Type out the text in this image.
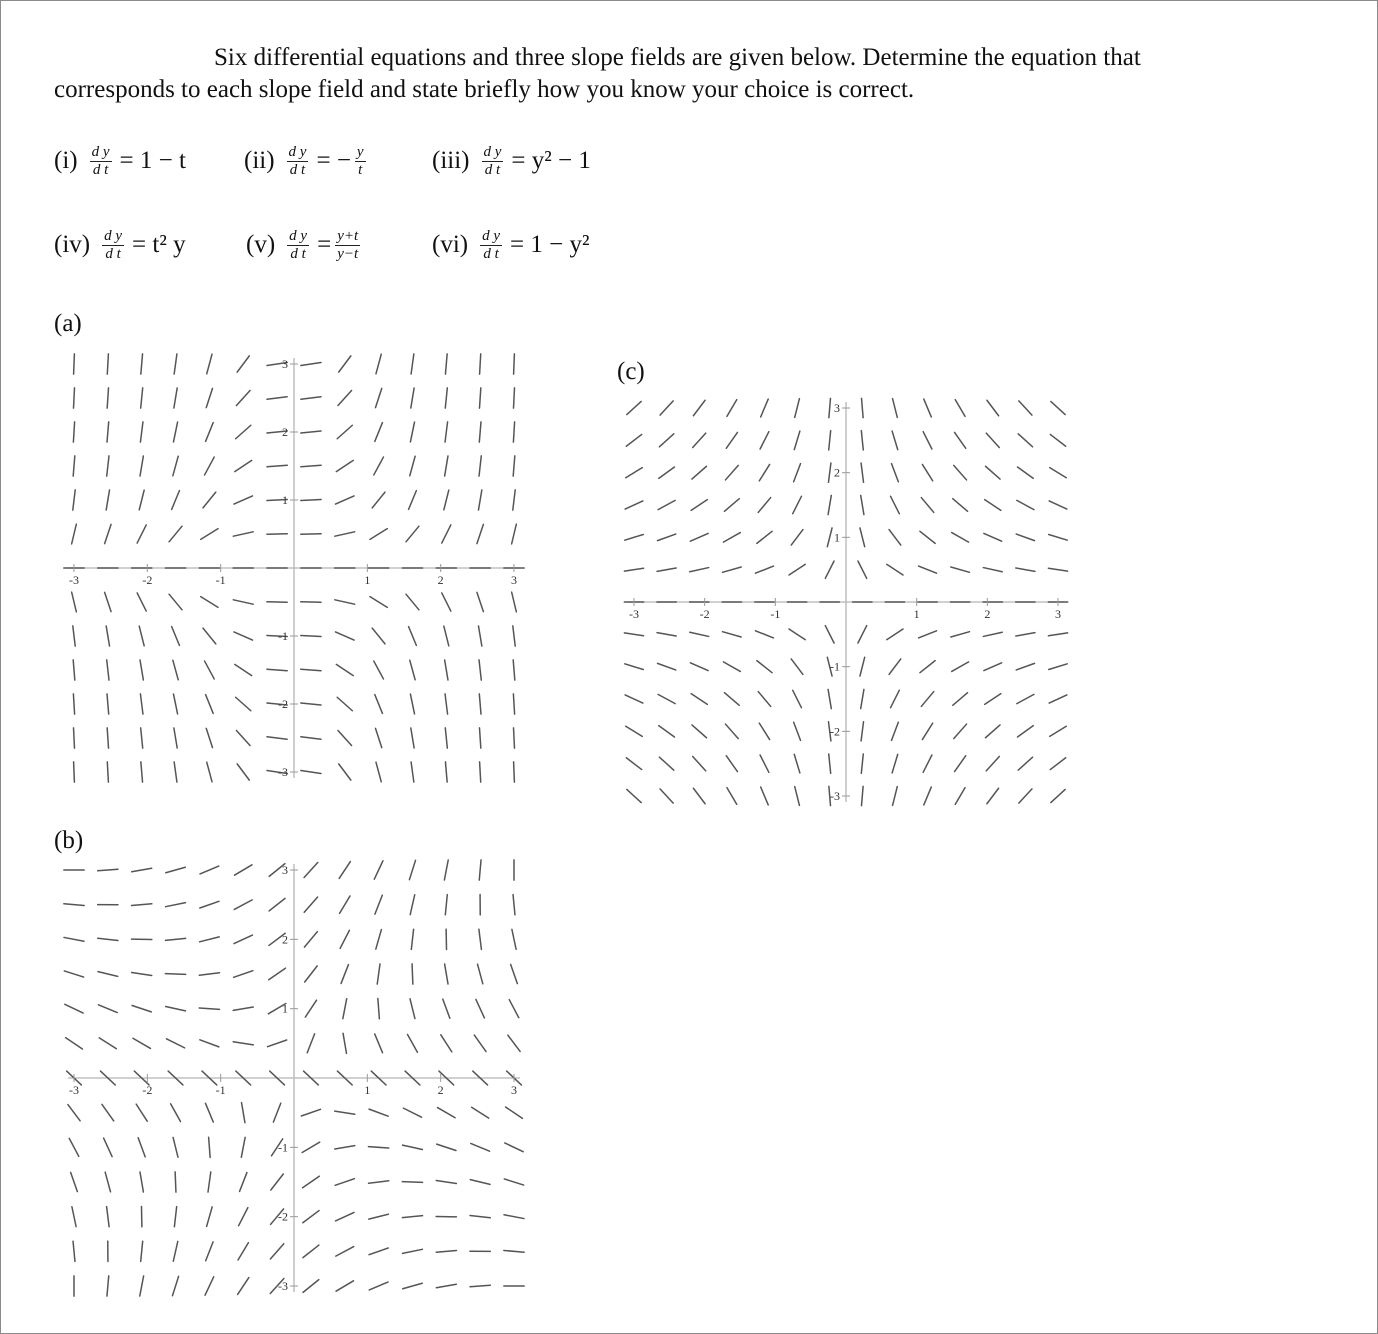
Six differential equations and three slope fields are given below. Determine the equation that
corresponds to each slope field and state briefly how you know your choice is correct.

$(i) \frac{\text{d y}}{\text{d t}} = 1 - t$ $(ii) \frac{\text{d y}}{\text{d t}}$ = − $\frac{y}{t}$	$(iii) \frac{\text{d y}}{\text{d t}} = y^2 - 1$
$(iv) \frac{\text{d y}}{\text{d t}} = t^2$ y $(v) \frac{\text{d y}}{\text{d t}} = \frac{y+t}{y-t}$	$(vi) \frac{\text{d y}}{\text{d t}} = 1 - y^2$
(a)
(c)
(b)
-3	-2	-1	1	2	3
3
2
1
-1
-2
-3
-3	-2	-1	1	2	3
3
2
1
-1
-2
-3
-3	-2	-1	1	2	3
3
2
1
-1
-2
-3
